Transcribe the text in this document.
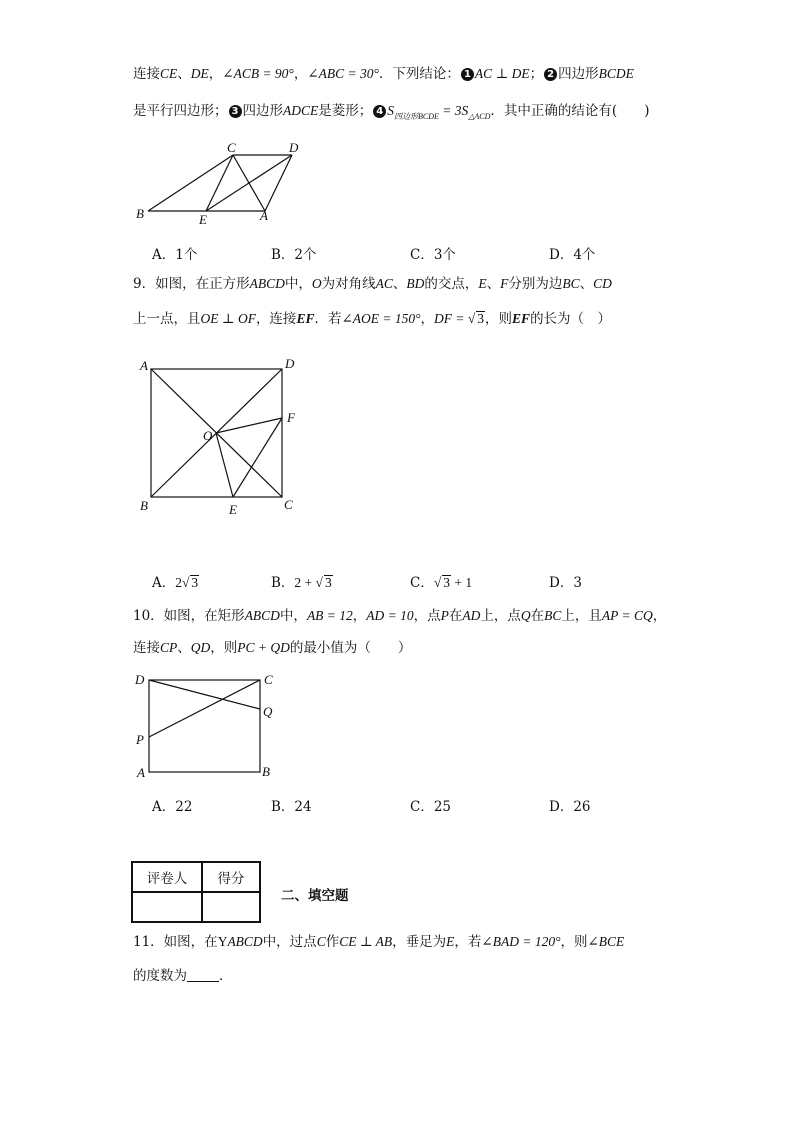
连接CE、DE，∠ACB = 90°，∠ABC = 30°．下列结论： 1 AC ⊥ DE； 2 四边形BCDE
是平行四边形； 3 四边形ADCE是菱形； 4 $S_{四边形BCDE} = 3S_{\triangle ACD}$．其中正确的结论有(　　)
C	D
B	E	A
A．1个	B．2个	C．3个	D．4个
9．如图，在正方形ABCD中，O为对角线AC、BD的交点，E、F分别为边BC、CD
上一点，且OE ⊥ OF，连接EF．若∠AOE = 150°，DF = √ 3，则EF的长为（　）
A	D
O
F
B	E	C
A．2√ 3	B．2 + √ 3	C．√ 3 + 1	D．3
10．如图，在矩形ABCD中，AB = 12，AD = 10，点P在AD上，点Q在BC上，且AP = CQ，
连接CP、QD，则PC + QD的最小值为（　　）
D	C
Q
P
A	B
A．22	B．24	C．25	D．26
评卷人	得分

二、填空题
11．如图，在YABCD中，过点C作CE ⊥ AB，垂足为E，若∠BAD = 120°，则∠BCE
的度数为 ．
